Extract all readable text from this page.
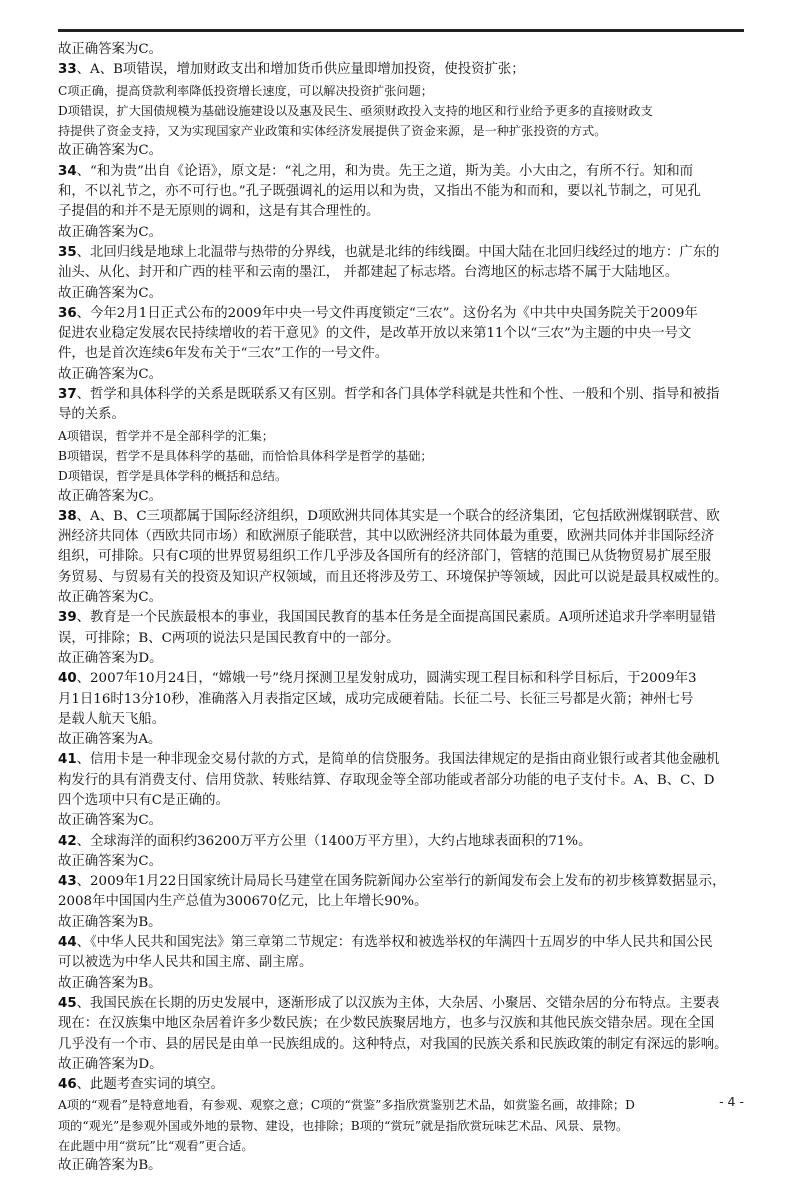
故正确答案为C。
33、A、B项错误，增加财政支出和增加货币供应量即增加投资，使投资扩张；
C项正确，提高贷款利率降低投资增长速度，可以解决投资扩张问题；
D项错误，扩大国债规模为基础设施建设以及惠及民生、亟须财政投入支持的地区和行业给予更多的直接财政支
持提供了资金支持，又为实现国家产业政策和实体经济发展提供了资金来源，是一种扩张投资的方式。
故正确答案为C。
34、“和为贵”出自《论语》，原文是：“礼之用，和为贵。先王之道，斯为美。小大由之，有所不行。知和而
和，不以礼节之，亦不可行也。”孔子既强调礼的运用以和为贵，又指出不能为和而和，要以礼节制之，可见孔
子提倡的和并不是无原则的调和，这是有其合理性的。
故正确答案为C。
35、北回归线是地球上北温带与热带的分界线，也就是北纬的纬线圈。中国大陆在北回归线经过的地方：广东的
汕头、从化、封开和广西的桂平和云南的墨江， 并都建起了标志塔。台湾地区的标志塔不属于大陆地区。
故正确答案为C。
36、今年2月1日正式公布的2009年中央一号文件再度锁定“三农”。这份名为《中共中央国务院关于2009年
促进农业稳定发展农民持续增收的若干意见》的文件，是改革开放以来第11个以“三农”为主题的中央一号文
件，也是首次连续6年发布关于“三农”工作的一号文件。
故正确答案为C。
37、哲学和具体科学的关系是既联系又有区别。哲学和各门具体学科就是共性和个性、一般和个别、指导和被指
导的关系。
A项错误，哲学并不是全部科学的汇集；
B项错误，哲学不是具体科学的基础，而恰恰具体科学是哲学的基础；
D项错误，哲学是具体学科的概括和总结。
故正确答案为C。
38、A、B、C三项都属于国际经济组织，D项欧洲共同体其实是一个联合的经济集团，它包括欧洲煤钢联营、欧
洲经济共同体（西欧共同市场）和欧洲原子能联营，其中以欧洲经济共同体最为重要，欧洲共同体并非国际经济
组织，可排除。只有C项的世界贸易组织工作几乎涉及各国所有的经济部门，管辖的范围已从货物贸易扩展至服
务贸易、与贸易有关的投资及知识产权领域，而且还将涉及劳工、环境保护等领域，因此可以说是最具权威性的。
故正确答案为C。
39、教育是一个民族最根本的事业，我国国民教育的基本任务是全面提高国民素质。A项所述追求升学率明显错
误，可排除；B、C两项的说法只是国民教育中的一部分。
故正确答案为D。
40、2007年10月24日，“嫦娥一号”绕月探测卫星发射成功，圆满实现工程目标和科学目标后，于2009年3
月1日16时13分10秒，准确落入月表指定区域，成功完成硬着陆。长征二号、长征三号都是火箭；神州七号
是载人航天飞船。
故正确答案为A。
41、信用卡是一种非现金交易付款的方式，是简单的信贷服务。我国法律规定的是指由商业银行或者其他金融机
构发行的具有消费支付、信用贷款、转账结算、存取现金等全部功能或者部分功能的电子支付卡。A、B、C、D
四个选项中只有C是正确的。
故正确答案为C。
42、全球海洋的面积约36200万平方公里（1400万平方里），大约占地球表面积的71%。
故正确答案为C。
43、2009年1月22日国家统计局局长马建堂在国务院新闻办公室举行的新闻发布会上发布的初步核算数据显示，
2008年中国国内生产总值为300670亿元，比上年增长90%。
故正确答案为B。
44、《中华人民共和国宪法》第三章第二节规定：有选举权和被选举权的年满四十五周岁的中华人民共和国公民
可以被选为中华人民共和国主席、副主席。
故正确答案为B。
45、我国民族在长期的历史发展中，逐渐形成了以汉族为主体，大杂居、小聚居、交错杂居的分布特点。主要表
现在：在汉族集中地区杂居着许多少数民族；在少数民族聚居地方，也多与汉族和其他民族交错杂居。现在全国
几乎没有一个市、县的居民是由单一民族组成的。这种特点，对我国的民族关系和民族政策的制定有深远的影响。
故正确答案为D。
46、此题考查实词的填空。
A项的“观看”是特意地看，有参观、观察之意；C项的“赏鉴”多指欣赏鉴别艺术品，如赏鉴名画，故排除；D
项的“观光”是参观外国或外地的景物、建设，也排除；B项的“赏玩”就是指欣赏玩味艺术品、风景、景物。
在此题中用“赏玩”比“观看”更合适。
故正确答案为B。
- 4 -
